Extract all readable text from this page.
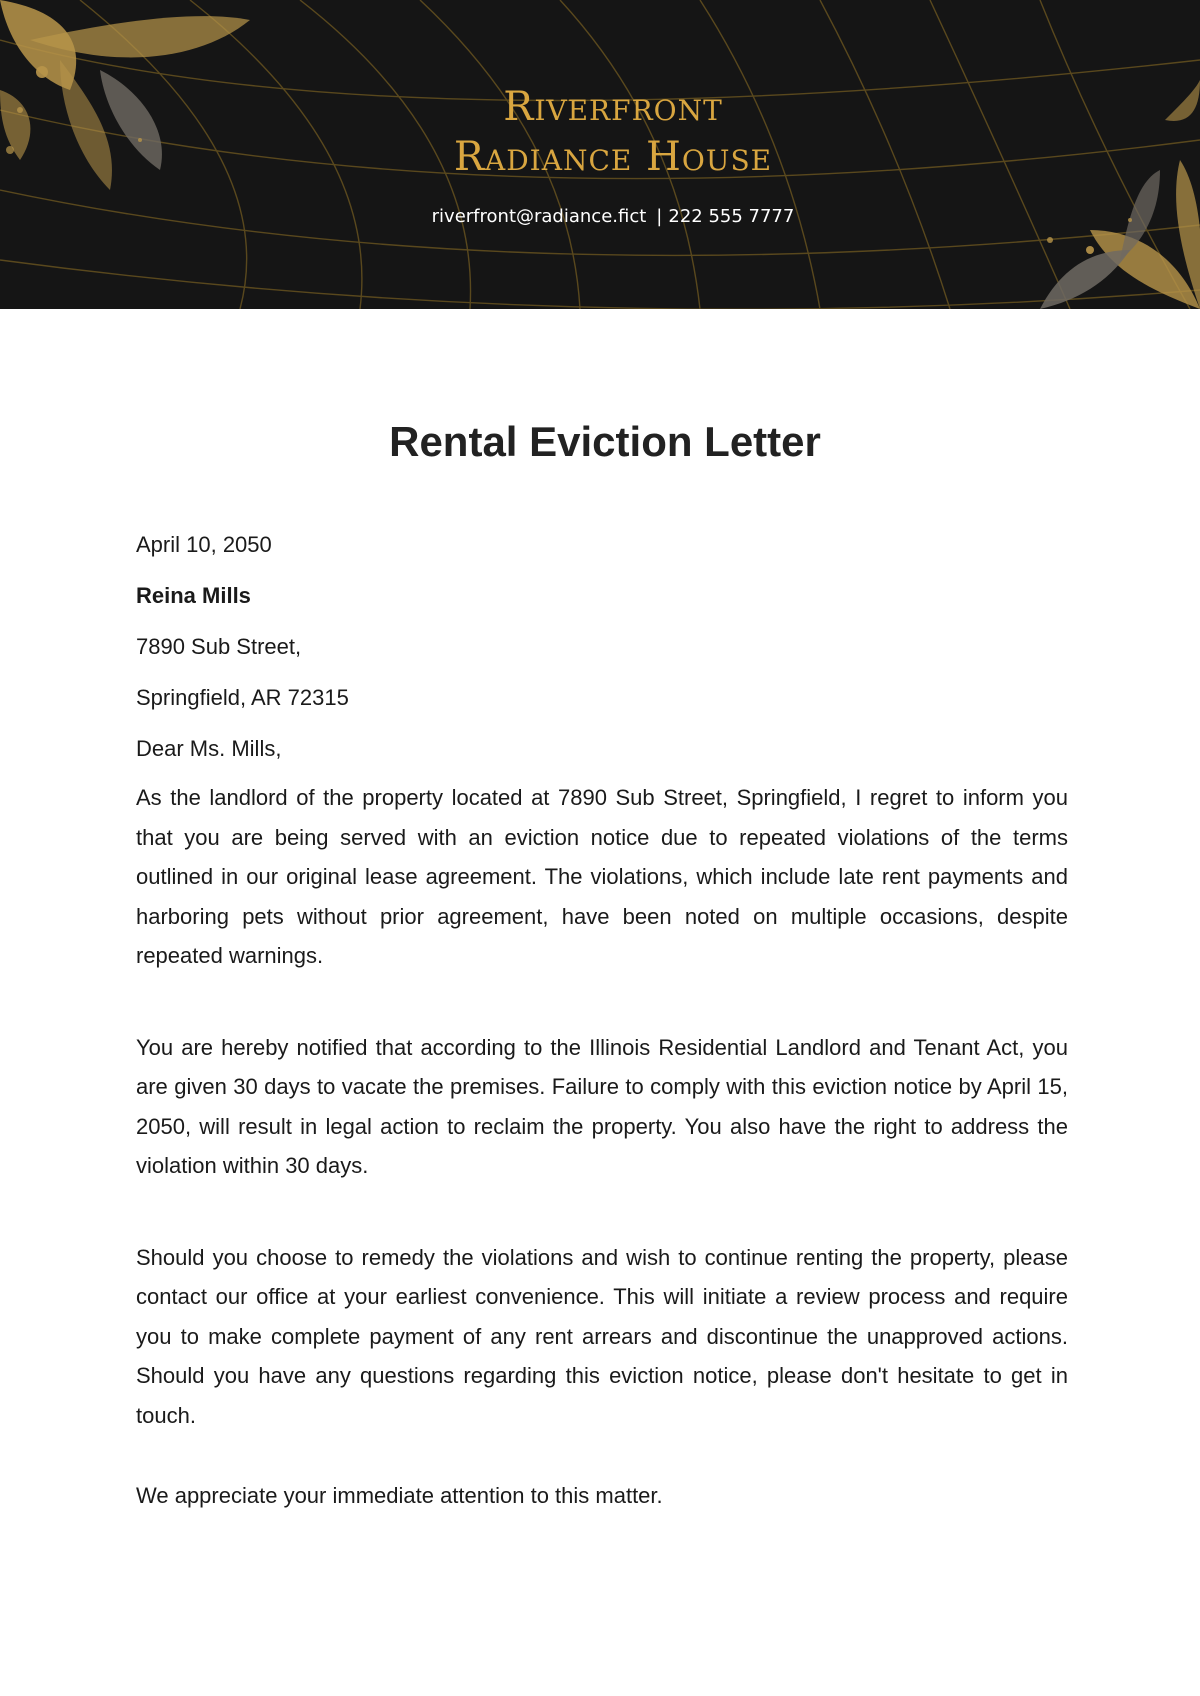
Riverfront
Radiance House
riverfront@radiance.fict | 222 555 7777
Rental Eviction Letter
April 10, 2050
Reina Mills
7890 Sub Street,
Springfield, AR 72315
Dear Ms. Mills,
As the landlord of the property located at 7890 Sub Street, Springfield, I regret to inform you that you are being served with an eviction notice due to repeated violations of the terms outlined in our original lease agreement. The violations, which include late rent payments and harboring pets without prior agreement, have been noted on multiple occasions, despite repeated warnings.
You are hereby notified that according to the Illinois Residential Landlord and Tenant Act, you are given 30 days to vacate the premises. Failure to comply with this eviction notice by April 15, 2050, will result in legal action to reclaim the property. You also have the right to address the violation within 30 days.
Should you choose to remedy the violations and wish to continue renting the property, please contact our office at your earliest convenience. This will initiate a review process and require you to make complete payment of any rent arrears and discontinue the unapproved actions. Should you have any questions regarding this eviction notice, please don't hesitate to get in touch.
We appreciate your immediate attention to this matter.
